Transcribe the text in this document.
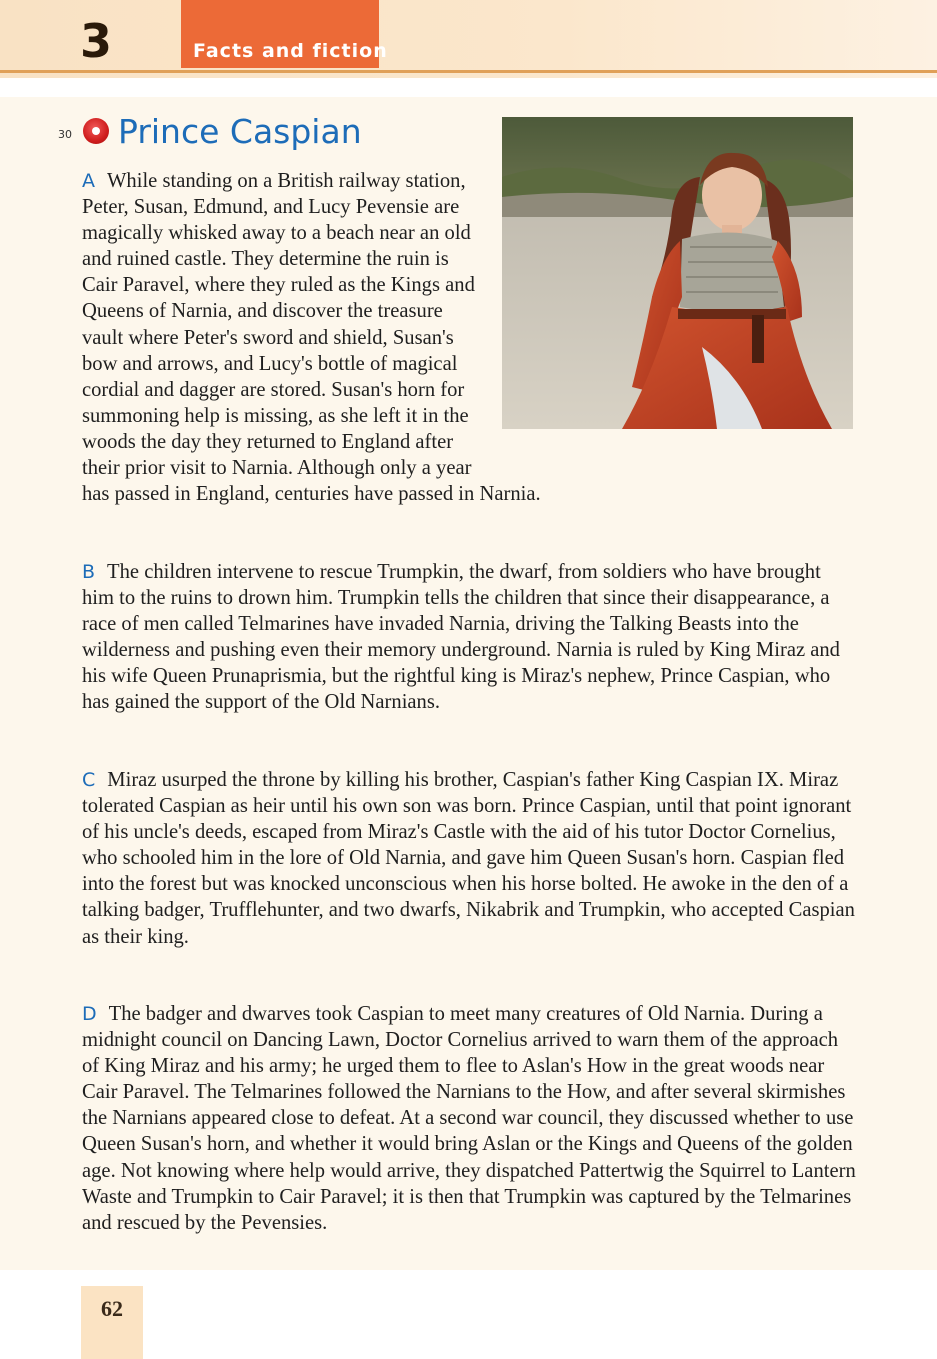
3	Facts and fiction
30 Prince Caspian
A While standing on a British railway station, Peter, Susan, Edmund, and Lucy Pevensie are magically whisked away to a beach near an old and ruined castle. They determine the ruin is Cair Paravel, where they ruled as the Kings and Queens of Narnia, and discover the treasure vault where Peter's sword and shield, Susan's bow and arrows, and Lucy's bottle of magical cordial and dagger are stored. Susan's horn for summoning help is missing, as she left it in the woods the day they returned to England after their prior visit to Narnia. Although only a year has passed in England, centuries have passed in Narnia.
B The children intervene to rescue Trumpkin, the dwarf, from soldiers who have brought him to the ruins to drown him. Trumpkin tells the children that since their disappearance, a race of men called Telmarines have invaded Narnia, driving the Talking Beasts into the wilderness and pushing even their memory underground. Narnia is ruled by King Miraz and his wife Queen Prunaprismia, but the rightful king is Miraz's nephew, Prince Caspian, who has gained the support of the Old Narnians.
C Miraz usurped the throne by killing his brother, Caspian's father King Caspian IX. Miraz tolerated Caspian as heir until his own son was born. Prince Caspian, until that point ignorant of his uncle's deeds, escaped from Miraz's Castle with the aid of his tutor Doctor Cornelius, who schooled him in the lore of Old Narnia, and gave him Queen Susan's horn. Caspian fled into the forest but was knocked unconscious when his horse bolted. He awoke in the den of a talking badger, Trufflehunter, and two dwarfs, Nikabrik and Trumpkin, who accepted Caspian as their king.
D The badger and dwarves took Caspian to meet many creatures of Old Narnia. During a midnight council on Dancing Lawn, Doctor Cornelius arrived to warn them of the approach of King Miraz and his army; he urged them to flee to Aslan's How in the great woods near Cair Paravel. The Telmarines followed the Narnians to the How, and after several skirmishes the Narnians appeared close to defeat. At a second war council, they discussed whether to use Queen Susan's horn, and whether it would bring Aslan or the Kings and Queens of the golden age. Not knowing where help would arrive, they dispatched Pattertwig the Squirrel to Lantern Waste and Trumpkin to Cair Paravel; it is then that Trumpkin was captured by the Telmarines and rescued by the Pevensies.
62
